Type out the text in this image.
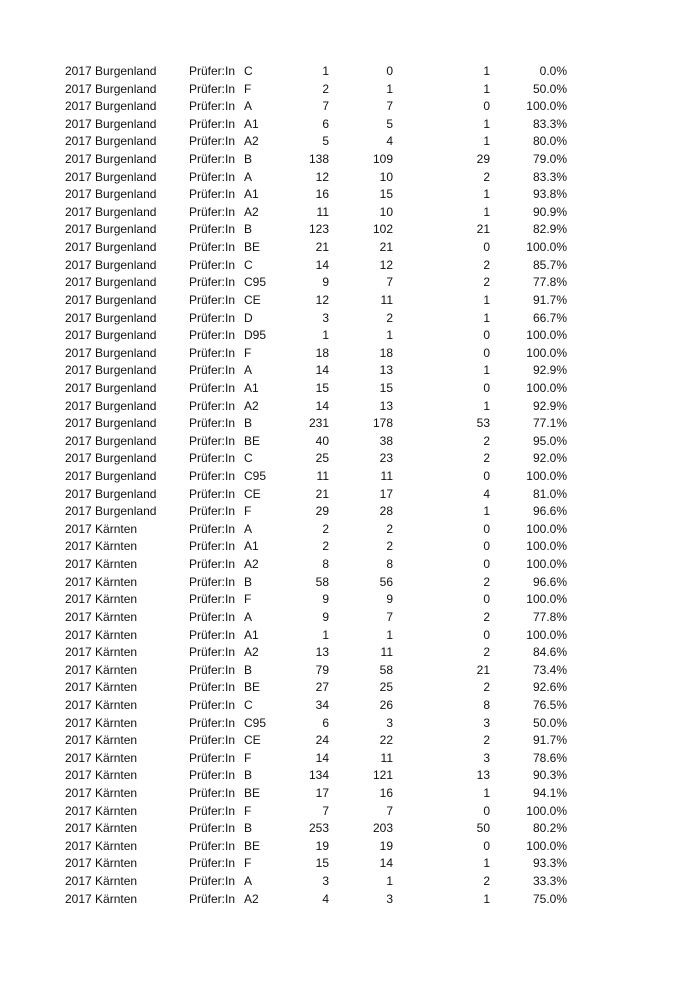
2017 Burgenland	Prüfer:In C	1	0	1	0.0%
2017 Burgenland	Prüfer:In F	2	1	1	50.0%
2017 Burgenland	Prüfer:In A	7	7	0	100.0%
2017 Burgenland	Prüfer:In A1	6	5	1	83.3%
2017 Burgenland	Prüfer:In A2	5	4	1	80.0%
2017 Burgenland	Prüfer:In B	138	109	29	79.0%
2017 Burgenland	Prüfer:In A	12	10	2	83.3%
2017 Burgenland	Prüfer:In A1	16	15	1	93.8%
2017 Burgenland	Prüfer:In A2	11	10	1	90.9%
2017 Burgenland	Prüfer:In B	123	102	21	82.9%
2017 Burgenland	Prüfer:In BE	21	21	0	100.0%
2017 Burgenland	Prüfer:In C	14	12	2	85.7%
2017 Burgenland	Prüfer:In C95	9	7	2	77.8%
2017 Burgenland	Prüfer:In CE	12	11	1	91.7%
2017 Burgenland	Prüfer:In D	3	2	1	66.7%
2017 Burgenland	Prüfer:In D95	1	1	0	100.0%
2017 Burgenland	Prüfer:In F	18	18	0	100.0%
2017 Burgenland	Prüfer:In A	14	13	1	92.9%
2017 Burgenland	Prüfer:In A1	15	15	0	100.0%
2017 Burgenland	Prüfer:In A2	14	13	1	92.9%
2017 Burgenland	Prüfer:In B	231	178	53	77.1%
2017 Burgenland	Prüfer:In BE	40	38	2	95.0%
2017 Burgenland	Prüfer:In C	25	23	2	92.0%
2017 Burgenland	Prüfer:In C95	11	11	0	100.0%
2017 Burgenland	Prüfer:In CE	21	17	4	81.0%
2017 Burgenland	Prüfer:In F	29	28	1	96.6%
2017 Kärnten	Prüfer:In A	2	2	0	100.0%
2017 Kärnten	Prüfer:In A1	2	2	0	100.0%
2017 Kärnten	Prüfer:In A2	8	8	0	100.0%
2017 Kärnten	Prüfer:In B	58	56	2	96.6%
2017 Kärnten	Prüfer:In F	9	9	0	100.0%
2017 Kärnten	Prüfer:In A	9	7	2	77.8%
2017 Kärnten	Prüfer:In A1	1	1	0	100.0%
2017 Kärnten	Prüfer:In A2	13	11	2	84.6%
2017 Kärnten	Prüfer:In B	79	58	21	73.4%
2017 Kärnten	Prüfer:In BE	27	25	2	92.6%
2017 Kärnten	Prüfer:In C	34	26	8	76.5%
2017 Kärnten	Prüfer:In C95	6	3	3	50.0%
2017 Kärnten	Prüfer:In CE	24	22	2	91.7%
2017 Kärnten	Prüfer:In F	14	11	3	78.6%
2017 Kärnten	Prüfer:In B	134	121	13	90.3%
2017 Kärnten	Prüfer:In BE	17	16	1	94.1%
2017 Kärnten	Prüfer:In F	7	7	0	100.0%
2017 Kärnten	Prüfer:In B	253	203	50	80.2%
2017 Kärnten	Prüfer:In BE	19	19	0	100.0%
2017 Kärnten	Prüfer:In F	15	14	1	93.3%
2017 Kärnten	Prüfer:In A	3	1	2	33.3%
2017 Kärnten	Prüfer:In A2	4	3	1	75.0%
